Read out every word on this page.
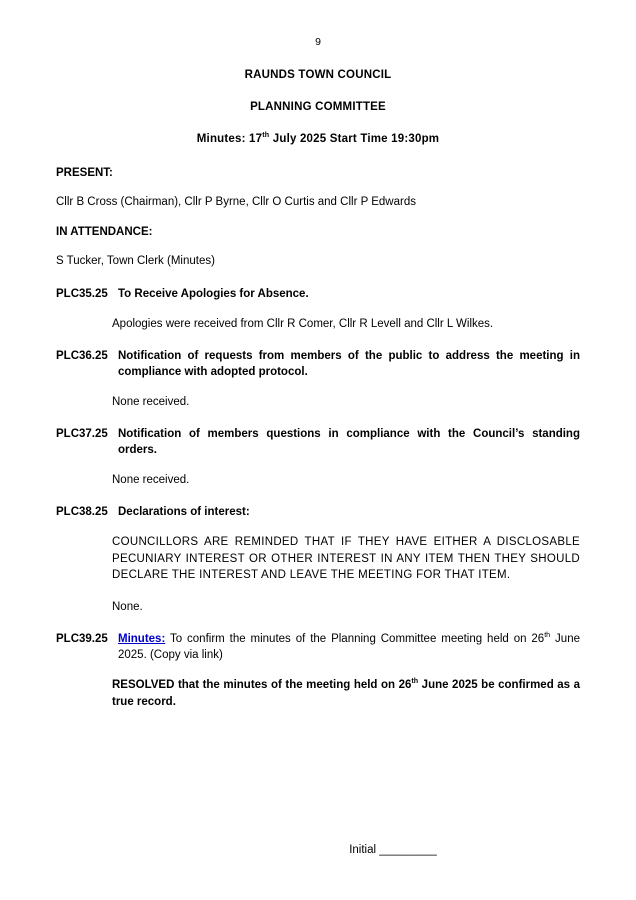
9
RAUNDS TOWN COUNCIL
PLANNING COMMITTEE
Minutes: 17th July 2025 Start Time 19:30pm
PRESENT:
Cllr B Cross (Chairman), Cllr P Byrne, Cllr O Curtis and Cllr P Edwards
IN ATTENDANCE:
S Tucker, Town Clerk (Minutes)
PLC35.25 To Receive Apologies for Absence.
Apologies were received from Cllr R Comer, Cllr R Levell and Cllr L Wilkes.
PLC36.25 Notification of requests from members of the public to address the meeting in compliance with adopted protocol.
None received.
PLC37.25 Notification of members questions in compliance with the Council’s standing orders.
None received.
PLC38.25 Declarations of interest:
COUNCILLORS ARE REMINDED THAT IF THEY HAVE EITHER A DISCLOSABLE PECUNIARY INTEREST OR OTHER INTEREST IN ANY ITEM THEN THEY SHOULD DECLARE THE INTEREST AND LEAVE THE MEETING FOR THAT ITEM.
None.
PLC39.25 Minutes: To confirm the minutes of the Planning Committee meeting held on 26th June 2025. (Copy via link)
RESOLVED that the minutes of the meeting held on 26th June 2025 be confirmed as a true record.
Initial _________
